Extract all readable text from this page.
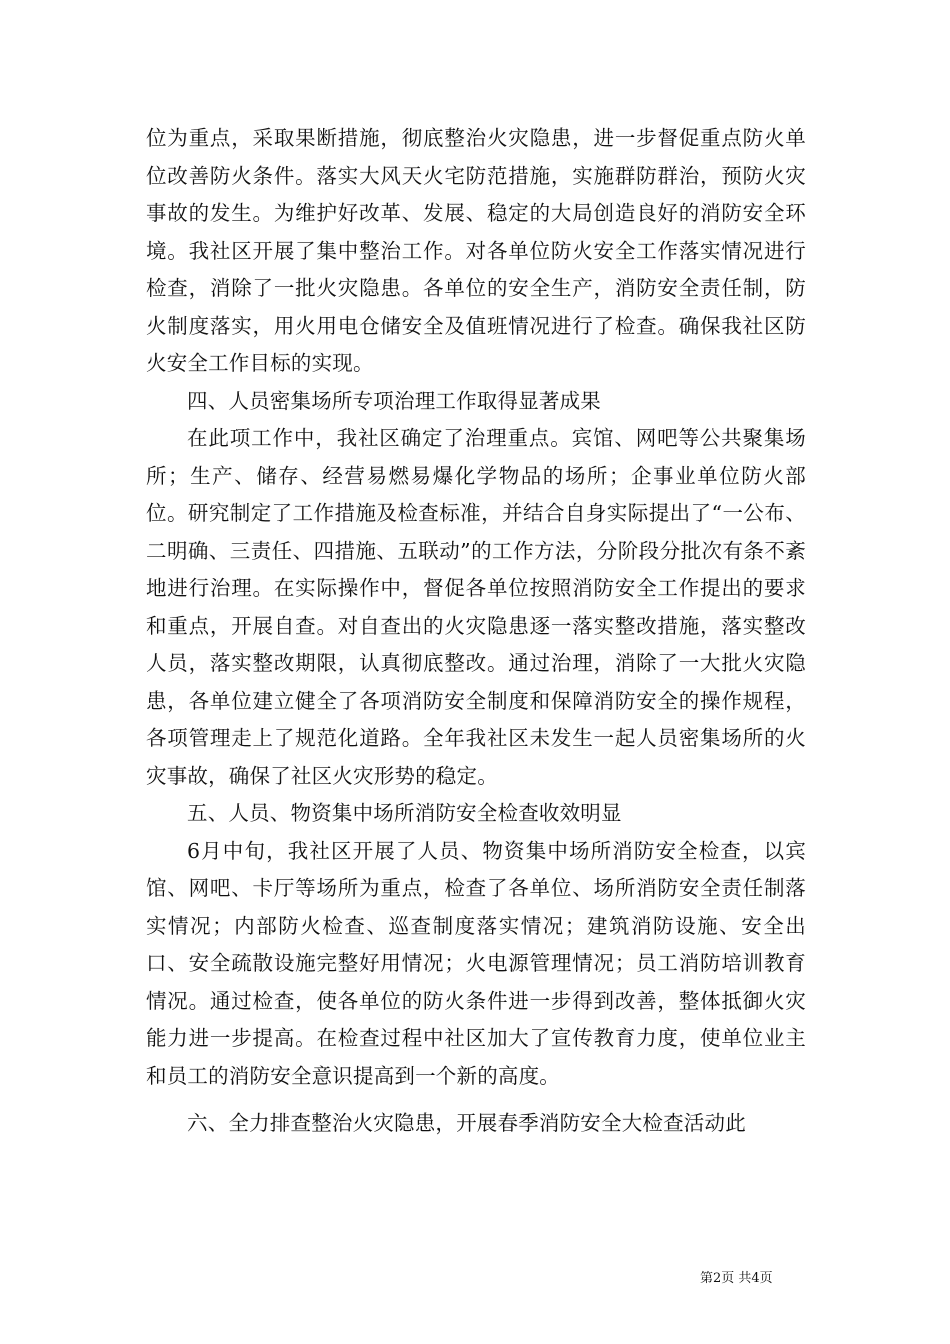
位为重点，采取果断措施，彻底整治火灾隐患，进一步督促重点防火单位改善防火条件。落实大风天火宅防范措施，实施群防群治，预防火灾事故的发生。为维护好改革、发展、稳定的大局创造良好的消防安全环境。我社区开展了集中整治工作。对各单位防火安全工作落实情况进行检查，消除了一批火灾隐患。各单位的安全生产，消防安全责任制，防火制度落实，用火用电仓储安全及值班情况进行了检查。确保我社区防火安全工作目标的实现。

四、人员密集场所专项治理工作取得显著成果

在此项工作中，我社区确定了治理重点。宾馆、网吧等公共聚集场所；生产、储存、经营易燃易爆化学物品的场所；企事业单位防火部位。研究制定了工作措施及检查标准，并结合自身实际提出了“一公布、二明确、三责任、四措施、五联动”的工作方法，分阶段分批次有条不紊地进行治理。在实际操作中，督促各单位按照消防安全工作提出的要求和重点，开展自查。对自查出的火灾隐患逐一落实整改措施，落实整改人员，落实整改期限，认真彻底整改。通过治理，消除了一大批火灾隐患，各单位建立健全了各项消防安全制度和保障消防安全的操作规程，各项管理走上了规范化道路。全年我社区未发生一起人员密集场所的火灾事故，确保了社区火灾形势的稳定。

五、人员、物资集中场所消防安全检查收效明显

6月中旬，我社区开展了人员、物资集中场所消防安全检查，以宾馆、网吧、卡厅等场所为重点，检查了各单位、场所消防安全责任制落实情况；内部防火检查、巡查制度落实情况；建筑消防设施、安全出口、安全疏散设施完整好用情况；火电源管理情况；员工消防培训教育情况。通过检查，使各单位的防火条件进一步得到改善，整体抵御火灾能力进一步提高。在检查过程中社区加大了宣传教育力度，使单位业主和员工的消防安全意识提高到一个新的高度。

六、全力排查整治火灾隐患，开展春季消防安全大检查活动此

第2页 共4页
